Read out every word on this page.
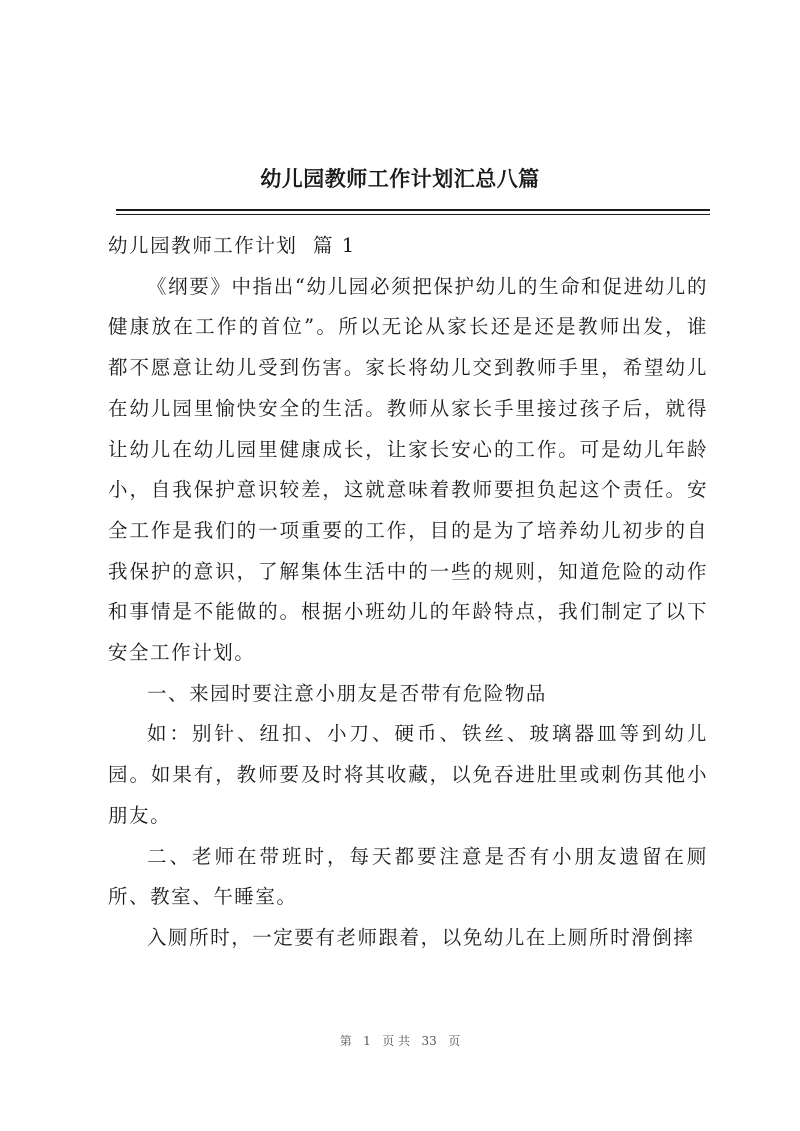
幼儿园教师工作计划汇总八篇

幼儿园教师工作计划  篇 1

《纲要》中指出“幼儿园必须把保护幼儿的生命和促进幼儿的健康放在工作的首位”。所以无论从家长还是还是教师出发，谁都不愿意让幼儿受到伤害。家长将幼儿交到教师手里，希望幼儿在幼儿园里愉快安全的生活。教师从家长手里接过孩子后，就得让幼儿在幼儿园里健康成长，让家长安心的工作。可是幼儿年龄小，自我保护意识较差，这就意味着教师要担负起这个责任。安全工作是我们的一项重要的工作，目的是为了培养幼儿初步的自我保护的意识，了解集体生活中的一些的规则，知道危险的动作和事情是不能做的。根据小班幼儿的年龄特点，我们制定了以下安全工作计划。

一、来园时要注意小朋友是否带有危险物品

如：别针、纽扣、小刀、硬币、铁丝、玻璃器皿等到幼儿园。如果有，教师要及时将其收藏，以免吞进肚里或刺伤其他小朋友。

二、老师在带班时，每天都要注意是否有小朋友遗留在厕所、教室、午睡室。

入厕所时，一定要有老师跟着，以免幼儿在上厕所时滑倒摔

第 1 页 共 33 页
